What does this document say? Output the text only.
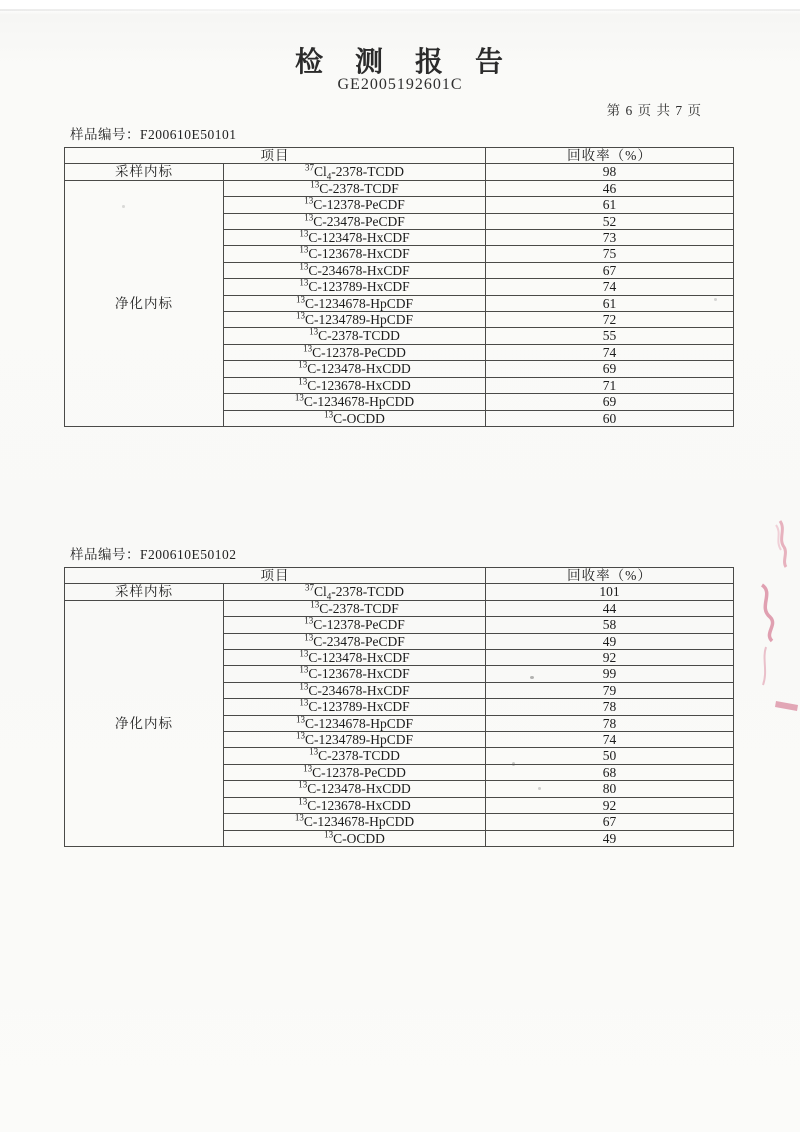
检　测　报　告
GE2005192601C
第 6 页 共 7 页
样品编号：F200610E50101
项目		回收率（%）
采样内标	$^{37}Cl_4-2378$-TCDD	98
净化内标	$^{13}$C-2378-TCDF	46
	$^{13}$C-12378-PeCDF	61
	$^{13}$C-23478-PeCDF	52
	$^{13}$C-123478-HxCDF	73
	$^{13}$C-123678-HxCDF	75
	$^{13}$C-234678-HxCDF	67
	$^{13}$C-123789-HxCDF	74
	$^{13}$C-1234678-HpCDF	61
	$^{13}$C-1234789-HpCDF	72
	$^{13}$C-2378-TCDD	55
	$^{13}$C-12378-PeCDD	74
	$^{13}$C-123478-HxCDD	69
	$^{13}$C-123678-HxCDD	71
	$^{13}$C-1234678-HpCDD	69
	$^{13}$C-OCDD	60
样品编号：F200610E50102
项目		回收率（%）
采样内标	$^{37}Cl_4-2378$-TCDD	101
净化内标	$^{13}$C-2378-TCDF	44
	$^{13}$C-12378-PeCDF	58
	$^{13}$C-23478-PeCDF	49
	$^{13}$C-123478-HxCDF	92
	$^{13}$C-123678-HxCDF	99
	$^{13}$C-234678-HxCDF	79
	$^{13}$C-123789-HxCDF	78
	$^{13}$C-1234678-HpCDF	78
	$^{13}$C-1234789-HpCDF	74
	$^{13}$C-2378-TCDD	50
	$^{13}$C-12378-PeCDD	68
	$^{13}$C-123478-HxCDD	80
	$^{13}$C-123678-HxCDD	92
	$^{13}$C-1234678-HpCDD	67
	$^{13}$C-OCDD	49
